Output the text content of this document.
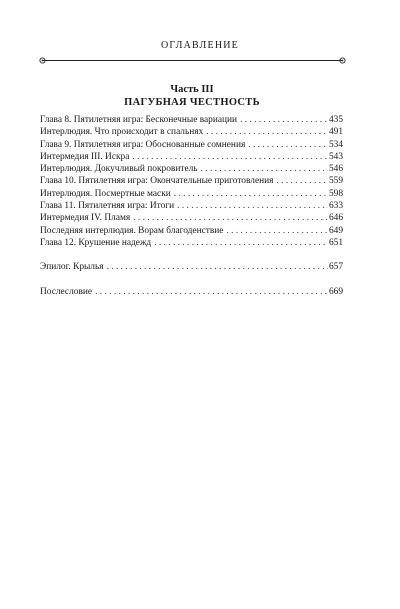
ОГЛАВЛЕНИЕ
Часть III
ПАГУБНАЯ ЧЕСТНОСТЬ
Глава 8. Пятилетняя игра: Бесконечные вариации . . .	435
Интерлюдия. Что происходит в спальнях . . .	491
Глава 9. Пятилетняя игра: Обоснованные сомнения . . .	534
Интермедия III. Искра . . .	543
Интерлюдия. Докучливый покровитель . . .	546
Глава 10. Пятилетняя игра: Окончательные приготовления . . .	559
Интерлюдия. Посмертные маски . . .	598
Глава 11. Пятилетняя игра: Итоги . . .	633
Интермедия IV. Пламя . . .	646
Последняя интерлюдия. Ворам благоденствие . . .	649
Глава 12. Крушение надежд . . .	651
Эпилог. Крылья . . .	657
Послесловие . . .	669
